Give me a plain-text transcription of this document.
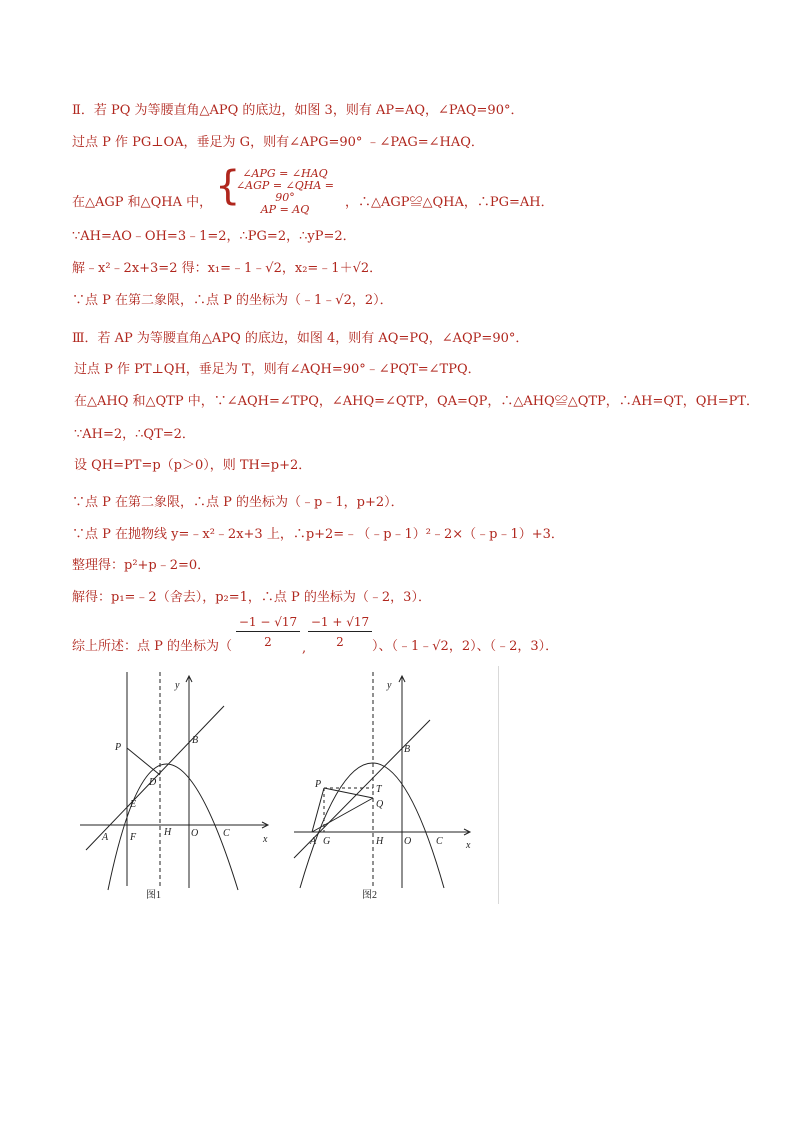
Ⅱ．若 PQ 为等腰直角△APQ 的底边，如图 3，则有 AP=AQ，∠PAQ=90°．
过点 P 作 PG⊥OA，垂足为 G，则有∠APG=90° ﹣∠PAG=∠HAQ．
在△AGP 和△QHA 中， { ∠APG = ∠HAQ
∠AGP = ∠QHA = 90°
AP = AQ	，∴△AGP≌△QHA，∴PG=AH．
∵AH=AO﹣OH=3﹣1=2，∴PG=2，∴yP=2．
解﹣x²﹣2x+3=2 得：x₁=﹣1﹣√2，x₂=﹣1＋√2．
∵点 P 在第二象限，∴点 P 的坐标为（﹣1﹣√2，2）．
Ⅲ．若 AP 为等腰直角△APQ 的底边，如图 4，则有 AQ=PQ，∠AQP=90°．
过点 P 作 PT⊥QH，垂足为 T，则有∠AQH=90°﹣∠PQT=∠TPQ．
在△AHQ 和△QTP 中，∵∠AQH=∠TPQ，∠AHQ=∠QTP，QA=QP，∴△AHQ≌△QTP，∴AH=QT，QH=PT．
∵AH=2，∴QT=2．
设 QH=PT=p（p＞0），则 TH=p+2．
∵点 P 在第二象限，∴点 P 的坐标为（﹣p﹣1，p+2）．
∵点 P 在抛物线 y=﹣x²﹣2x+3 上，∴p+2=﹣（﹣p﹣1）²﹣2×（﹣p﹣1）+3．
整理得：p²+p﹣2=0．
解得：p₁=﹣2（舍去），p₂=1，∴点 P 的坐标为（﹣2，3）．
综上所述：点 P 的坐标为（ $\frac{-1 - √17}{2}$ , $\frac{-1 + √17}{2}$ ）、（﹣1﹣√2，2）、（﹣2，3）．
y
x
P
B
D
E
A F	H O C
图1
y
x
P	T
Q
B
A G	H O C
图2
